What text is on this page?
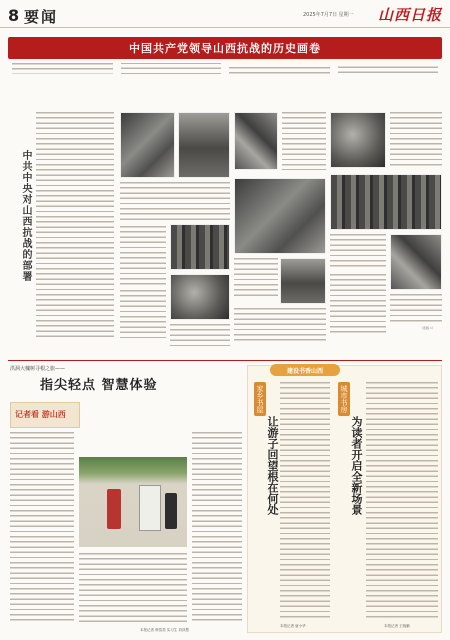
8 要闻	2025年7月7日 星期一 山西日报
中国共产党领导山西抗战的历史画卷
中共中央对山西抗战的部署
（连载 1）
洪洞大槐树寻根之旅——
指尖轻点 智慧体验
记者看 游山西
本报记者 韩蒸蒸 实习生 刘泽慧
建设书香山西
家乡书屋
让游子回望根在何处
本报记者 唐小华
城市书房
为读者开启全新场景
本报记者 王晓鹏
